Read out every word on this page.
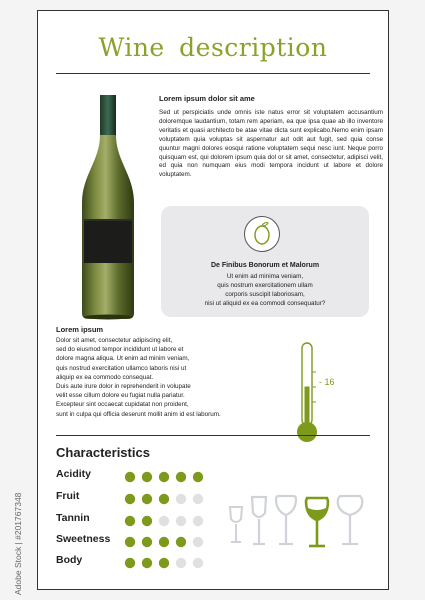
Wine description
Lorem ipsum dolor sit ame

Sed ut perspiciatis unde omnis iste natus error sit voluptatem accusantium doloremque laudantium, totam rem aperiam, ea que ipsa quae ab illo inventore veritatis et quasi architecto be atae vitae dicta sunt explicabo.Nemo enim ipsam voluptatem quia voluptas sit aspernatur aut odit aut fugit, sed quia conse quuntur magni dolores eosqui ratione voluptatem sequi nesc iunt. Neque porro quisquam est, qui dolorem ipsum quia dol or sit amet, consectetur, adipisci velit, ed quia non numquam eius modi tempora incidunt ut labore et dolore voluptatem.

De Finibus Bonorum et Malorum

Ut enim ad minima veniam,
quis nostrum exercitationem ullam
corporis suscipit laboriosam,
nisi ut aliquid ex ea commodi consequatur?

Lorem ipsum

Dolor sit amet, consectetur adipiscing elit,
sed do eiusmod tempor incididunt ut labore et
dolore magna aliqua. Ut enim ad minim veniam,
quis nostrud exercitation ullamco laboris nisi ut
aliquip ex ea commodo consequat.
Duis aute irure dolor in reprehenderit in volupate
velit esse cillum dolore eu fugiat nulla pariatur.
Excepteur sint occaecat cupidatat non proident,
sunt in culpa qui officia deserunt mollit anim id est laborum.

- 16
Characteristics
Acidity
Fruit
Tannin
Sweetness
Body
Adobe Stock | #201767348
